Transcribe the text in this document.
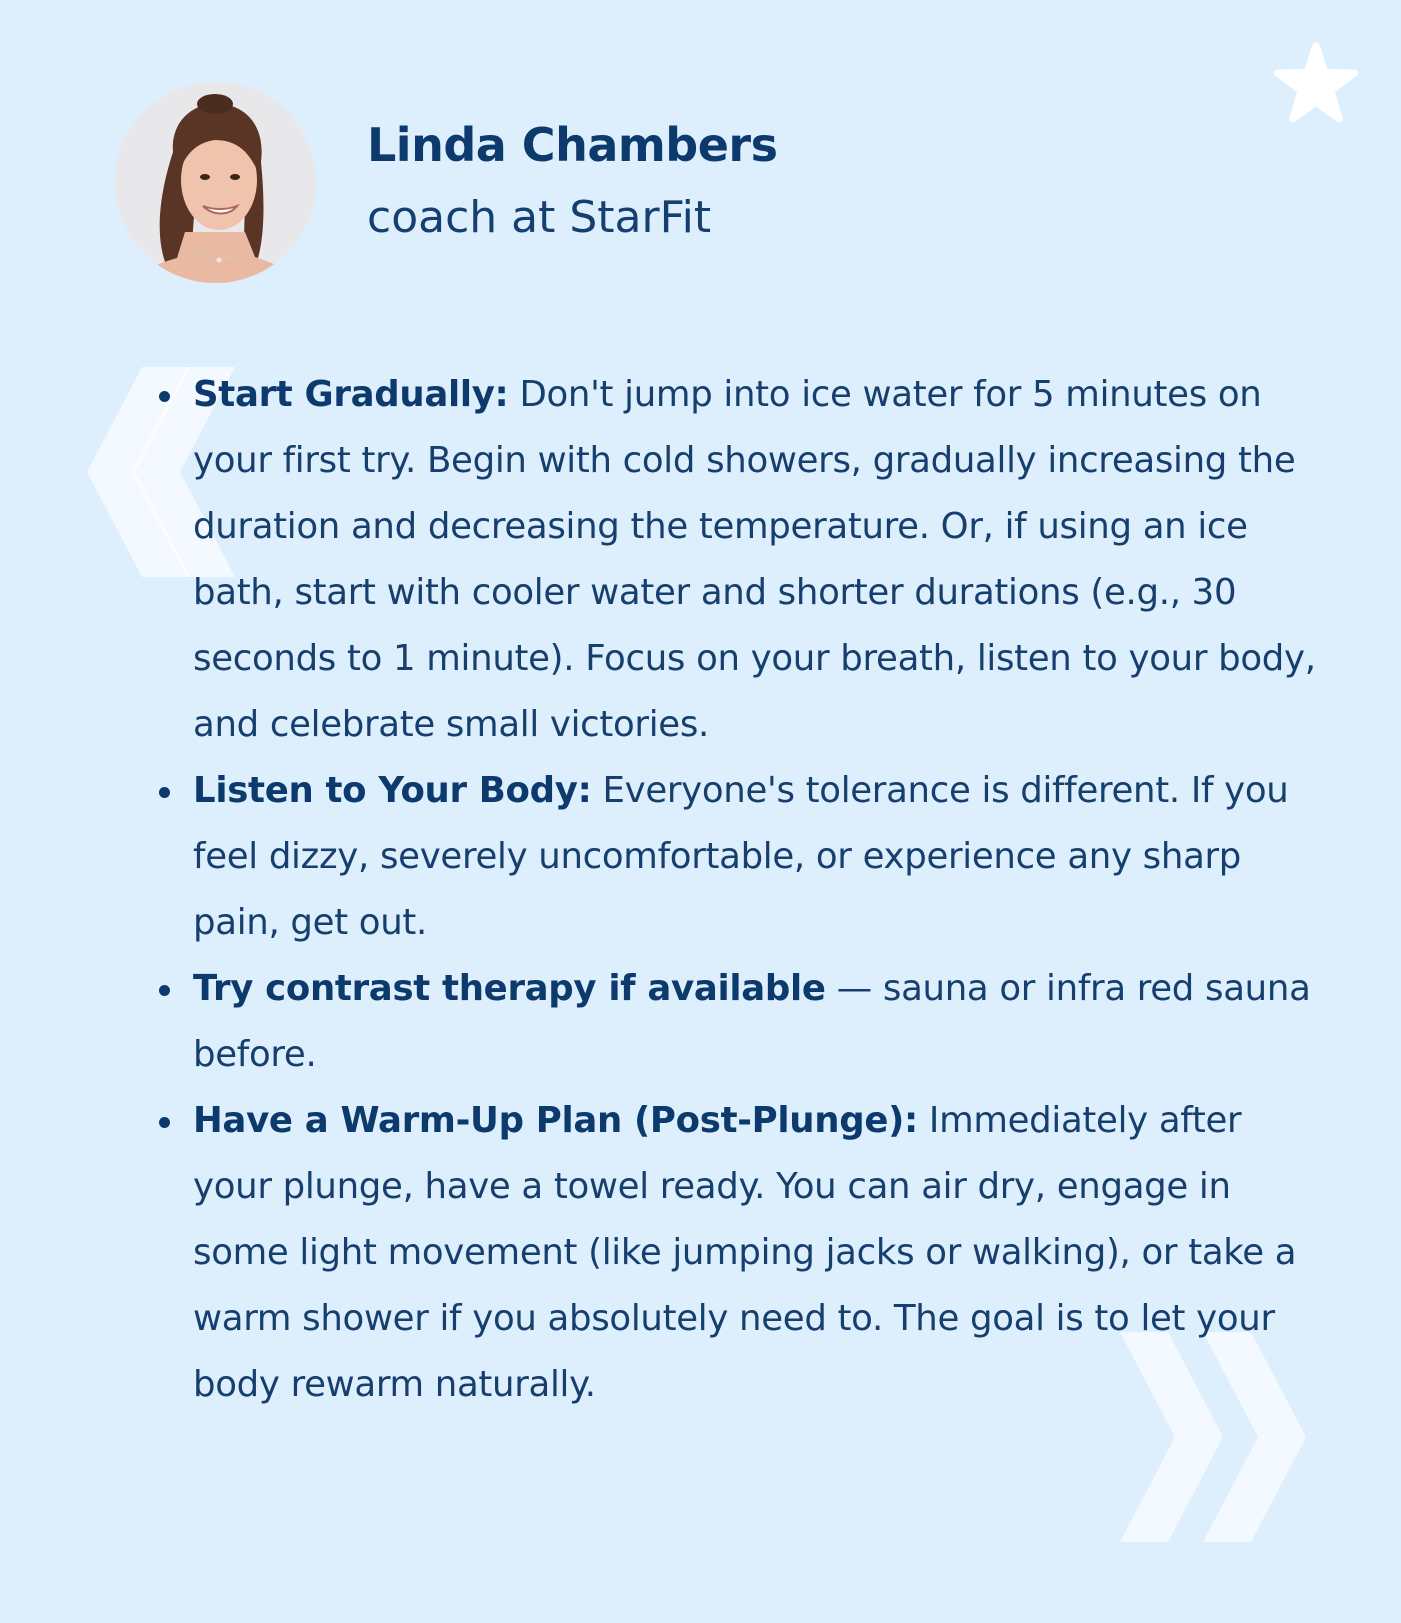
Linda Chambers
coach at StarFit
Start Gradually: Don't jump into ice water for 5 minutes on your first try. Begin with cold showers, gradually increasing the duration and decreasing the temperature. Or, if using an ice bath, start with cooler water and shorter durations (e.g., 30 seconds to 1 minute). Focus on your breath, listen to your body, and celebrate small victories.
Listen to Your Body: Everyone's tolerance is different. If you feel dizzy, severely uncomfortable, or experience any sharp pain, get out.
Try contrast therapy if available — sauna or infra red sauna before.
Have a Warm-Up Plan (Post-Plunge): Immediately after your plunge, have a towel ready. You can air dry, engage in some light movement (like jumping jacks or walking), or take a warm shower if you absolutely need to. The goal is to let your body rewarm naturally.
